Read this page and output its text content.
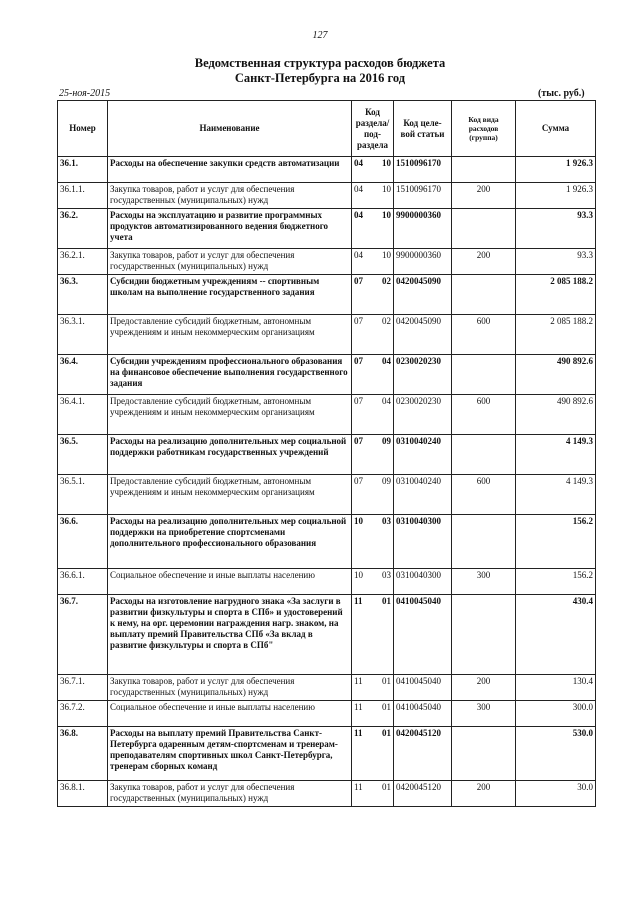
127
Ведомственная структура расходов бюджета
Санкт-Петербурга на 2016 год
25-ноя-2015	(тыс. руб.)
Номер	Наименование	Код раздела/ под- раздела		Код целе- вой статьи	Код вида расходов (группа)	Сумма
36.1.	Расходы на обеспечение закупки средств автоматизации	04	10	1510096170		1 926.3
36.1.1.	Закупка товаров, работ и услуг для обеспечения государственных (муниципальных) нужд	04	10	1510096170	200	1 926.3
36.2.	Расходы на эксплуатацию и развитие программных продуктов автоматизированного ведения бюджетного учета	04	10	9900000360		93.3
36.2.1.	Закупка товаров, работ и услуг для обеспечения государственных (муниципальных) нужд	04	10	9900000360	200	93.3
36.3.	Субсидии бюджетным учреждениям -- спортивным школам на выполнение государственного задания	07	02	0420045090		2 085 188.2
36.3.1.	Предоставление субсидий бюджетным, автономным учреждениям и иным некоммерческим организациям	07	02	0420045090	600	2 085 188.2
36.4.	Субсидии учреждениям профессионального образования на финансовое обеспечение выполнения государственного задания	07	04	0230020230		490 892.6
36.4.1.	Предоставление субсидий бюджетным, автономным учреждениям и иным некоммерческим организациям	07	04	0230020230	600	490 892.6
36.5.	Расходы на реализацию дополнительных мер социальной поддержки работникам государственных учреждений	07	09	0310040240		4 149.3
36.5.1.	Предоставление субсидий бюджетным, автономным учреждениям и иным некоммерческим организациям	07	09	0310040240	600	4 149.3
36.6.	Расходы на реализацию дополнительных мер социальной поддержки на приобретение спортсменами дополнительного профессионального образования	10	03	0310040300		156.2
36.6.1.	Социальное обеспечение и иные выплаты населению	10	03	0310040300	300	156.2
36.7.	Расходы на изготовление нагрудного знака «За заслуги в развитии физкультуры и спорта в СПб» и удостоверений к нему, на орг. церемонии награждения нагр. знаком, на выплату премий Правительства СПб «За вклад в развитие физкультуры и спорта в СПб"	11	01	0410045040		430.4
36.7.1.	Закупка товаров, работ и услуг для обеспечения государственных (муниципальных) нужд	11	01	0410045040	200	130.4
36.7.2.	Социальное обеспечение и иные выплаты населению	11	01	0410045040	300	300.0
36.8.	Расходы на выплату премий Правительства Санкт-Петербурга одаренным детям-спортсменам и тренерам-преподавателям спортивных школ Санкт-Петербурга, тренерам сборных команд	11	01	0420045120		530.0
36.8.1.	Закупка товаров, работ и услуг для обеспечения государственных (муниципальных) нужд	11	01	0420045120	200	30.0
